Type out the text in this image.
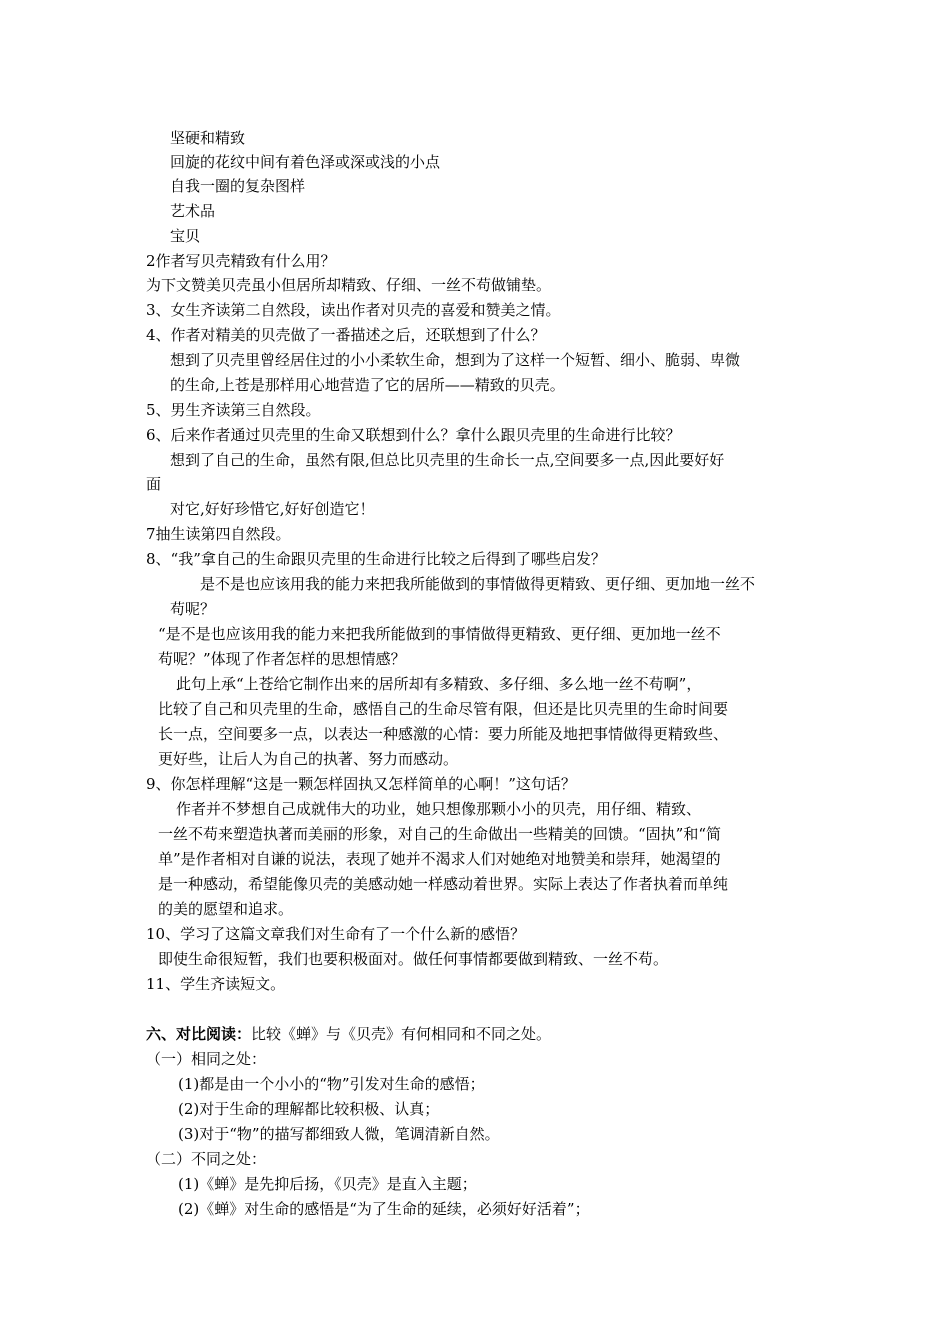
坚硬和精致
回旋的花纹中间有着色泽或深或浅的小点
自我一圈的复杂图样
艺术品
宝贝
2作者写贝壳精致有什么用？
为下文赞美贝壳虽小但居所却精致、仔细、一丝不苟做铺垫。
3、女生齐读第二自然段，读出作者对贝壳的喜爱和赞美之情。
4、作者对精美的贝壳做了一番描述之后，还联想到了什么？
想到了贝壳里曾经居住过的小小柔软生命，想到为了这样一个短暂、细小、脆弱、卑微
的生命,上苍是那样用心地营造了它的居所——精致的贝壳。
5、男生齐读第三自然段。
6、后来作者通过贝壳里的生命又联想到什么？拿什么跟贝壳里的生命进行比较？
想到了自己的生命，虽然有限,但总比贝壳里的生命长一点,空间要多一点,因此要好好
面
对它,好好珍惜它,好好创造它！
7抽生读第四自然段。
8、“我”拿自己的生命跟贝壳里的生命进行比较之后得到了哪些启发？
是不是也应该用我的能力来把我所能做到的事情做得更精致、更仔细、更加地一丝不
苟呢？
“是不是也应该用我的能力来把我所能做到的事情做得更精致、更仔细、更加地一丝不
苟呢？”体现了作者怎样的思想情感？
此句上承“上苍给它制作出来的居所却有多精致、多仔细、多么地一丝不苟啊”，
比较了自己和贝壳里的生命，感悟自己的生命尽管有限，但还是比贝壳里的生命时间要
长一点，空间要多一点，以表达一种感激的心情：要力所能及地把事情做得更精致些、
更好些，让后人为自己的执著、努力而感动。
9、你怎样理解“这是一颗怎样固执又怎样简单的心啊！”这句话？
作者并不梦想自己成就伟大的功业，她只想像那颗小小的贝壳，用仔细、精致、
一丝不苟来塑造执著而美丽的形象，对自己的生命做出一些精美的回馈。“固执”和“简
单”是作者相对自谦的说法，表现了她并不渴求人们对她绝对地赞美和崇拜，她渴望的
是一种感动，希望能像贝壳的美感动她一样感动着世界。实际上表达了作者执着而单纯
的美的愿望和追求。
10、学习了这篇文章我们对生命有了一个什么新的感悟？
即使生命很短暂，我们也要积极面对。做任何事情都要做到精致、一丝不苟。
11、学生齐读短文。
六、对比阅读：比较《蝉》与《贝壳》有何相同和不同之处。
（一）相同之处：
(1)都是由一个小小的“物”引发对生命的感悟；
(2)对于生命的理解都比较积极、认真；
(3)对于“物”的描写都细致人微，笔调清新自然。
（二）不同之处：
(1)《蝉》是先抑后扬，《贝壳》是直入主题；
(2)《蝉》对生命的感悟是“为了生命的延续，必须好好活着”；
